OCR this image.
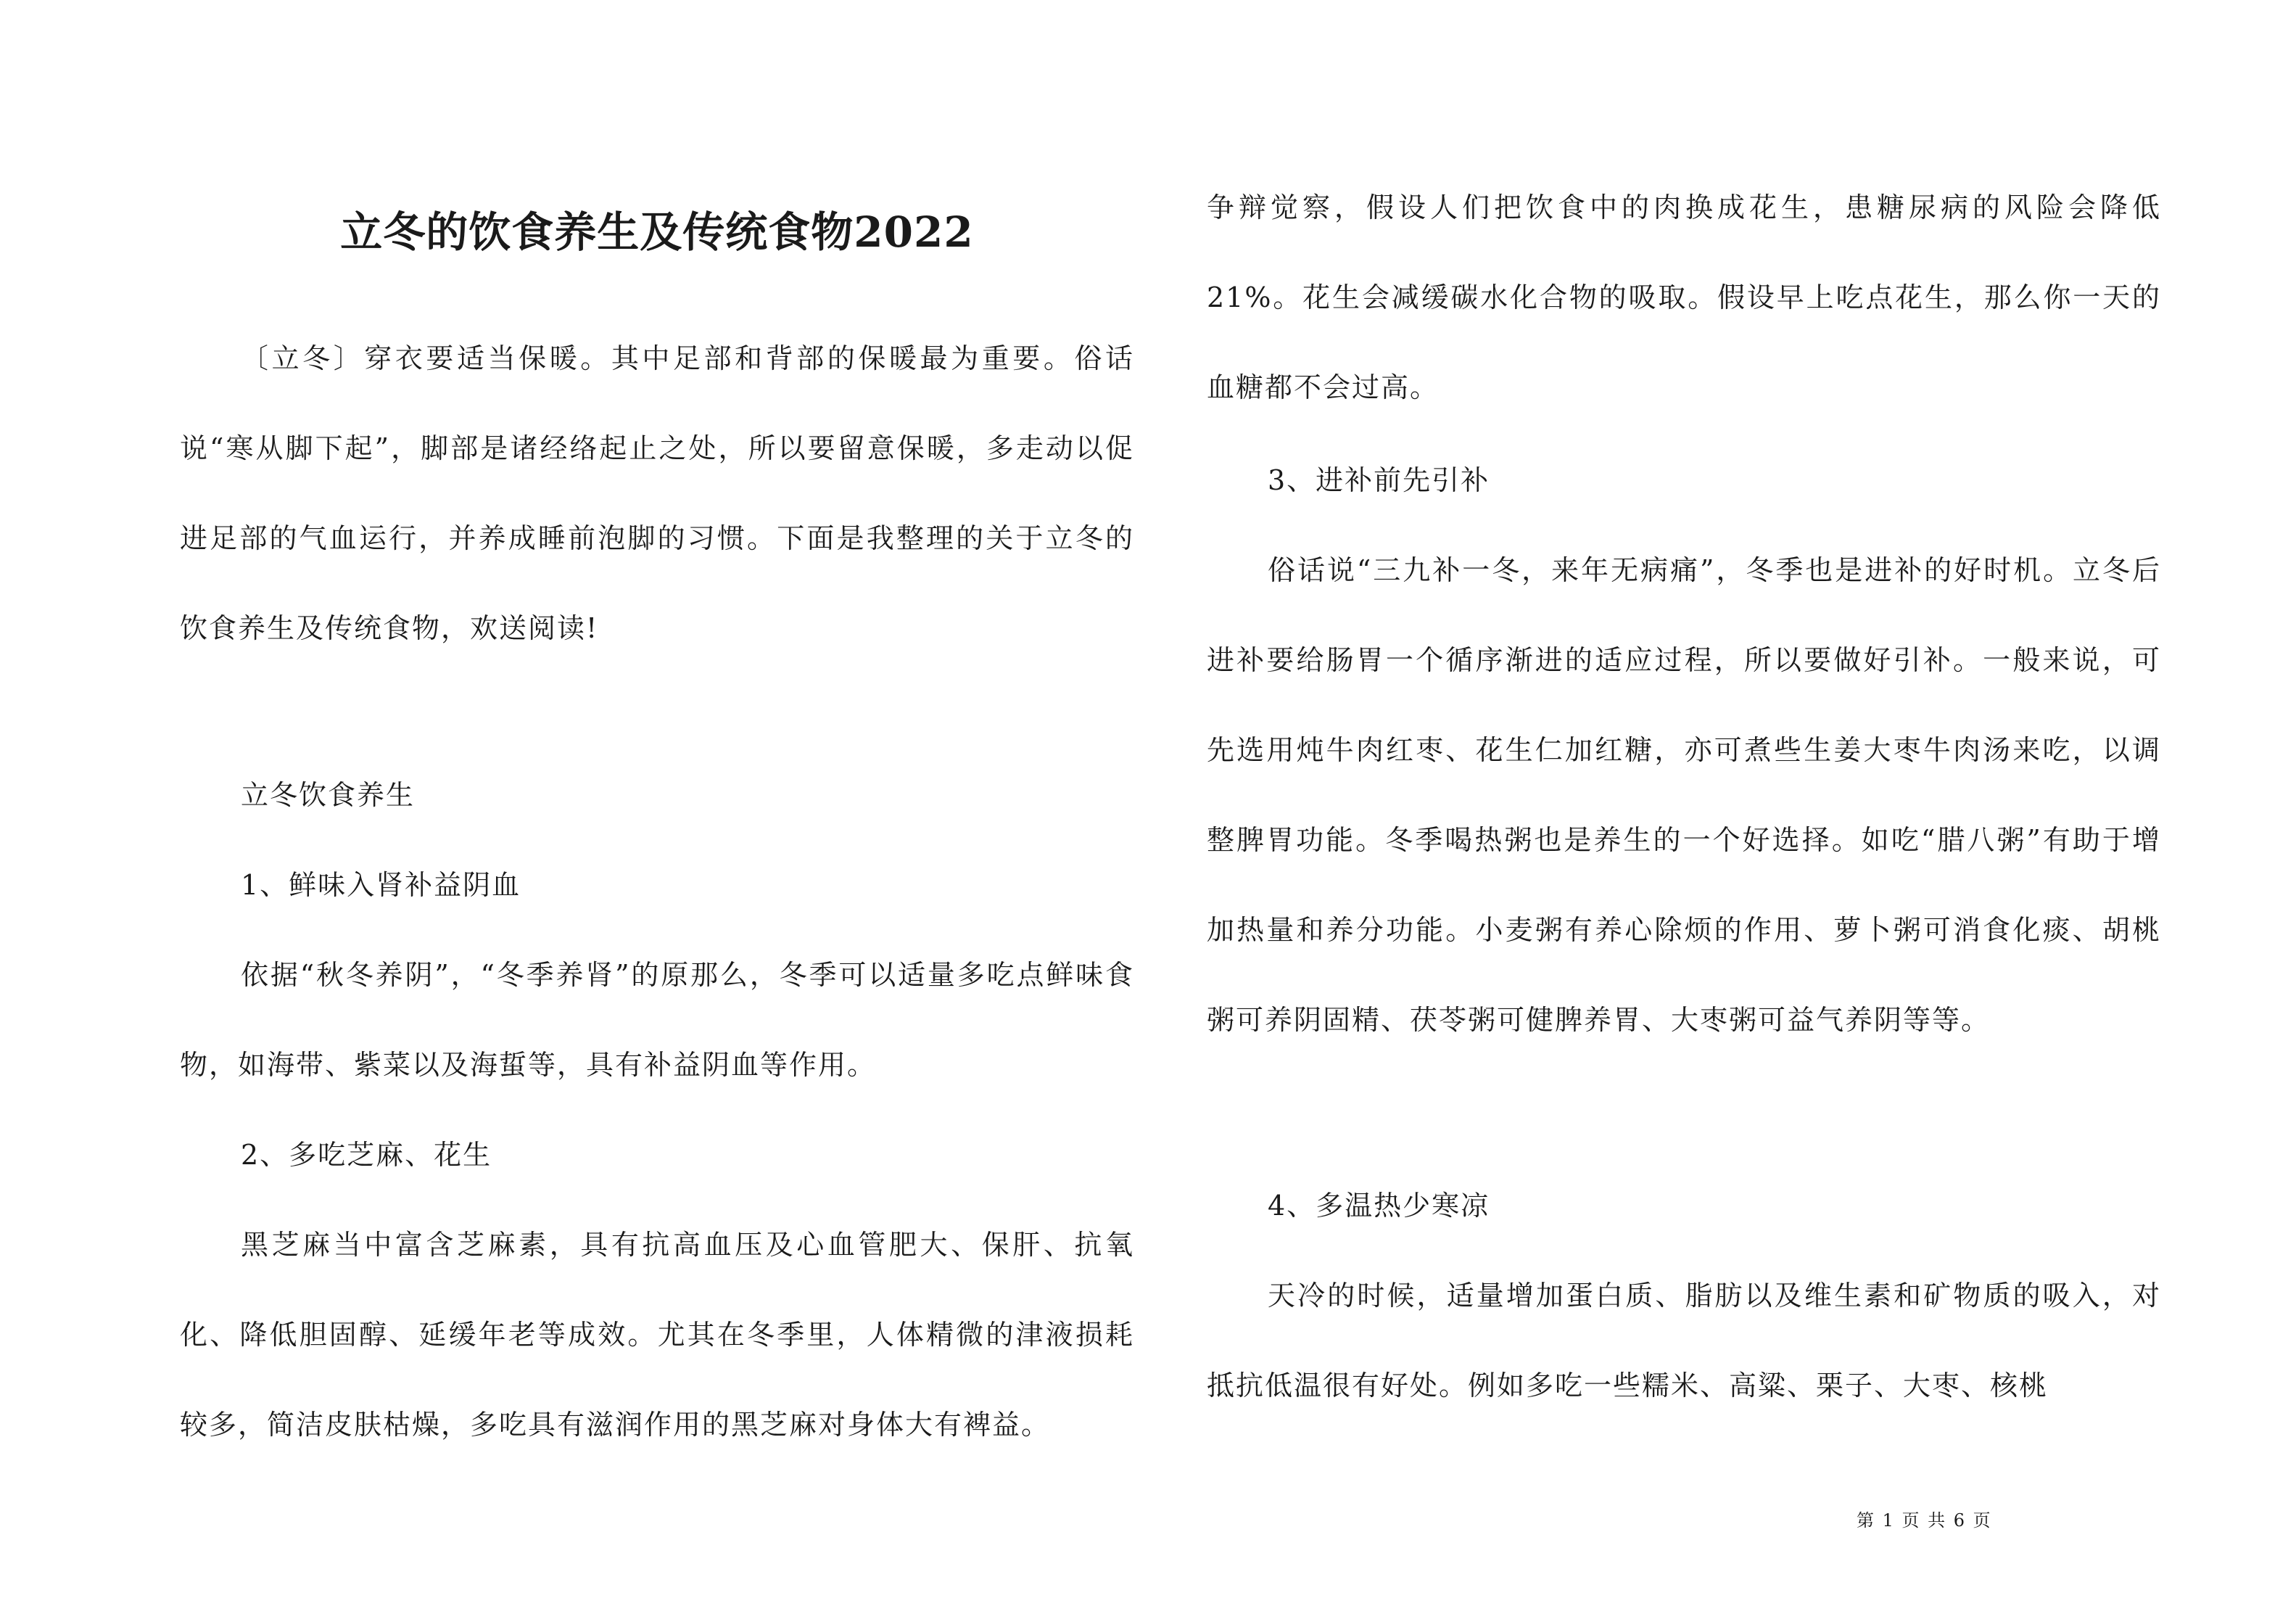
立冬的饮食养生及传统食物2022

〔立冬〕穿衣要适当保暖。其中足部和背部的保暖最为重要。俗话说“寒从脚下起”，脚部是诸经络起止之处，所以要留意保暖，多走动以促进足部的气血运行，并养成睡前泡脚的习惯。下面是我整理的关于立冬的饮食养生及传统食物，欢送阅读!

立冬饮食养生

1、鲜味入肾补益阴血

依据“秋冬养阴”，“冬季养肾”的原那么，冬季可以适量多吃点鲜味食物，如海带、紫菜以及海蜇等，具有补益阴血等作用。

2、多吃芝麻、花生

黑芝麻当中富含芝麻素，具有抗高血压及心血管肥大、保肝、抗氧化、降低胆固醇、延缓年老等成效。尤其在冬季里，人体精微的津液损耗较多，简洁皮肤枯燥，多吃具有滋润作用的黑芝麻对身体大有裨益。

争辩觉察，假设人们把饮食中的肉换成花生，患糖尿病的风险会降低21%。花生会减缓碳水化合物的吸取。假设早上吃点花生，那么你一天的血糖都不会过高。

3、进补前先引补

俗话说“三九补一冬，来年无病痛”，冬季也是进补的好时机。立冬后进补要给肠胃一个循序渐进的适应过程，所以要做好引补。一般来说，可先选用炖牛肉红枣、花生仁加红糖，亦可煮些生姜大枣牛肉汤来吃，以调整脾胃功能。冬季喝热粥也是养生的一个好选择。如吃“腊八粥”有助于增加热量和养分功能。小麦粥有养心除烦的作用、萝卜粥可消食化痰、胡桃粥可养阴固精、茯苓粥可健脾养胃、大枣粥可益气养阴等等。

4、多温热少寒凉

天冷的时候，适量增加蛋白质、脂肪以及维生素和矿物质的吸入，对抵抗低温很有好处。例如多吃一些糯米、高粱、栗子、大枣、核桃

第 1 页 共 6 页
